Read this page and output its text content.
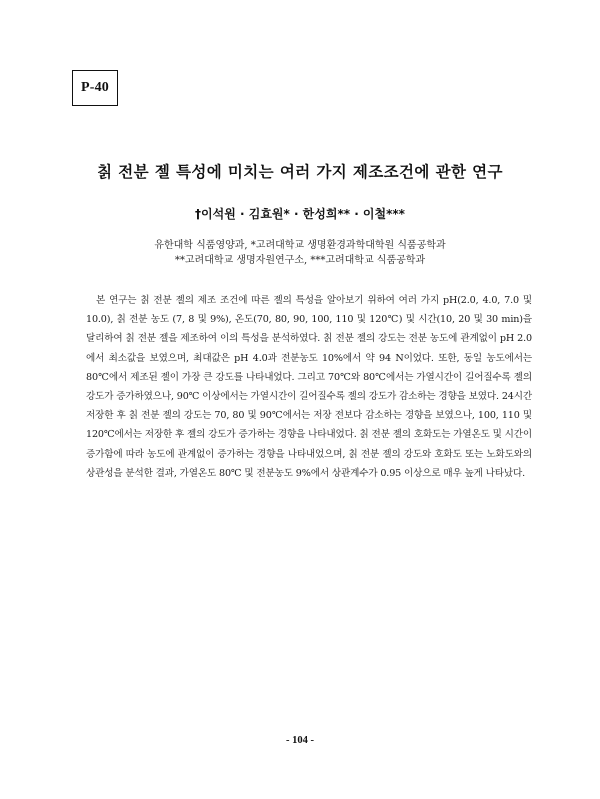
P-40
칡 전분 젤 특성에 미치는 여러 가지 제조조건에 관한 연구
†이석원 · 김효원* · 한성희** · 이철***
유한대학 식품영양과, *고려대학교 생명환경과학대학원 식품공학과
**고려대학교 생명자원연구소, ***고려대학교 식품공학과
본 연구는 칡 전분 젤의 제조 조건에 따른 젤의 특성을 알아보기 위하여 여러 가지 pH(2.0, 4.0, 7.0 및 10.0), 칡 전분 농도 (7, 8 및 9%), 온도(70, 80, 90, 100, 110 및 120℃) 및 시간(10, 20 및 30 min)을 달리하여 칡 전분 젤을 제조하여 이의 특성을 분석하였다. 칡 전분 젤의 강도는 전분 농도에 관계없이 pH 2.0에서 최소값을 보였으며, 최대값은 pH 4.0과 전분농도 10%에서 약 94 N이었다. 또한, 동일 농도에서는 80℃에서 제조된 젤이 가장 큰 강도를 나타내었다. 그리고 70℃와 80℃에서는 가열시간이 길어질수록 젤의 강도가 증가하였으나, 90℃ 이상에서는 가열시간이 길어질수록 젤의 강도가 감소하는 경향을 보였다. 24시간 저장한 후 칡 전분 젤의 강도는 70, 80 및 90℃에서는 저장 전보다 감소하는 경향을 보였으나, 100, 110 및 120℃에서는 저장한 후 젤의 강도가 증가하는 경향을 나타내었다. 칡 전분 젤의 호화도는 가열온도 및 시간이 증가함에 따라 농도에 관계없이 증가하는 경향을 나타내었으며, 칡 전분 젤의 강도와 호화도 또는 노화도와의 상관성을 분석한 결과, 가열온도 80℃ 및 전분농도 9%에서 상관계수가 0.95 이상으로 매우 높게 나타났다.
- 104 -
